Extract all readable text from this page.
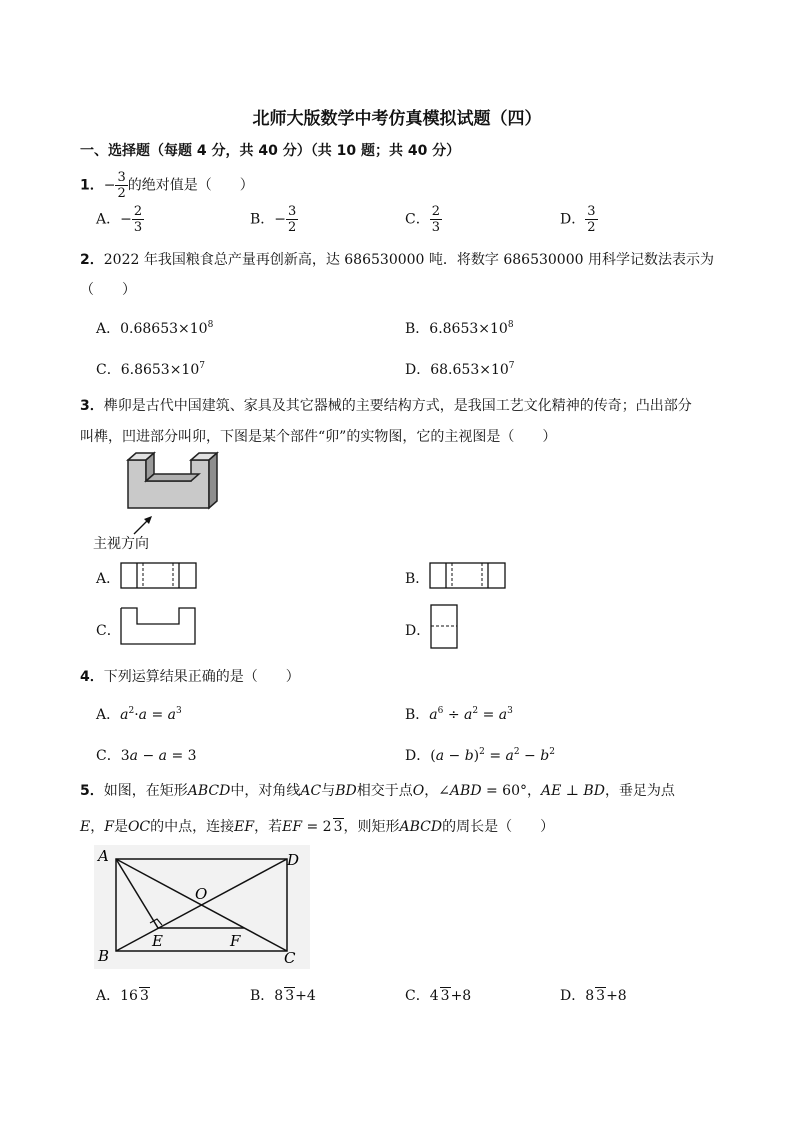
北师大版数学中考仿真模拟试题（四）
一、选择题（每题 4 分，共 40 分）（共 10 题；共 40 分）
1．− $\frac{3}{2}$ 的绝对值是（　　）
A．− $\frac{2}{3}$	B．− $\frac{3}{2}$	C． $\frac{2}{3}$	D． $\frac{3}{2}$
2．2022 年我国粮食总产量再创新高，达 686530000 吨．将数字 686530000 用科学记数法表示为
（　　）
A．$0.68653\times 10^8$	B．$6.8653\times 10^8$
C．$6.8653\times 10^7$	D．$68.653\times 10^7$
3．榫卯是古代中国建筑、家具及其它器械的主要结构方式，是我国工艺文化精神的传奇；凸出部分
叫榫，凹进部分叫卯，下图是某个部件“卯”的实物图，它的主视图是（　　）
主视方向
A．	B．
C．	D．
4．下列运算结果正确的是（　　）
A．$a^2\cdot a = a^3$	B．$a^6 \div a^2 = a^3$
C．3a − a = 3	D．$(a - b)^2 = a^2 - b^2$
5．如图，在矩形ABCD中，对角线AC与BD相交于点O，∠ABD = 60°，AE ⊥ BD，垂足为点
E，F是OC的中点，连接EF，若EF = 2 3，则矩形ABCD的周长是（　　）
A	D
O
B
E	F
C
A．16 3	B．8 3+4	C．4 3+8	D．8 3+8
